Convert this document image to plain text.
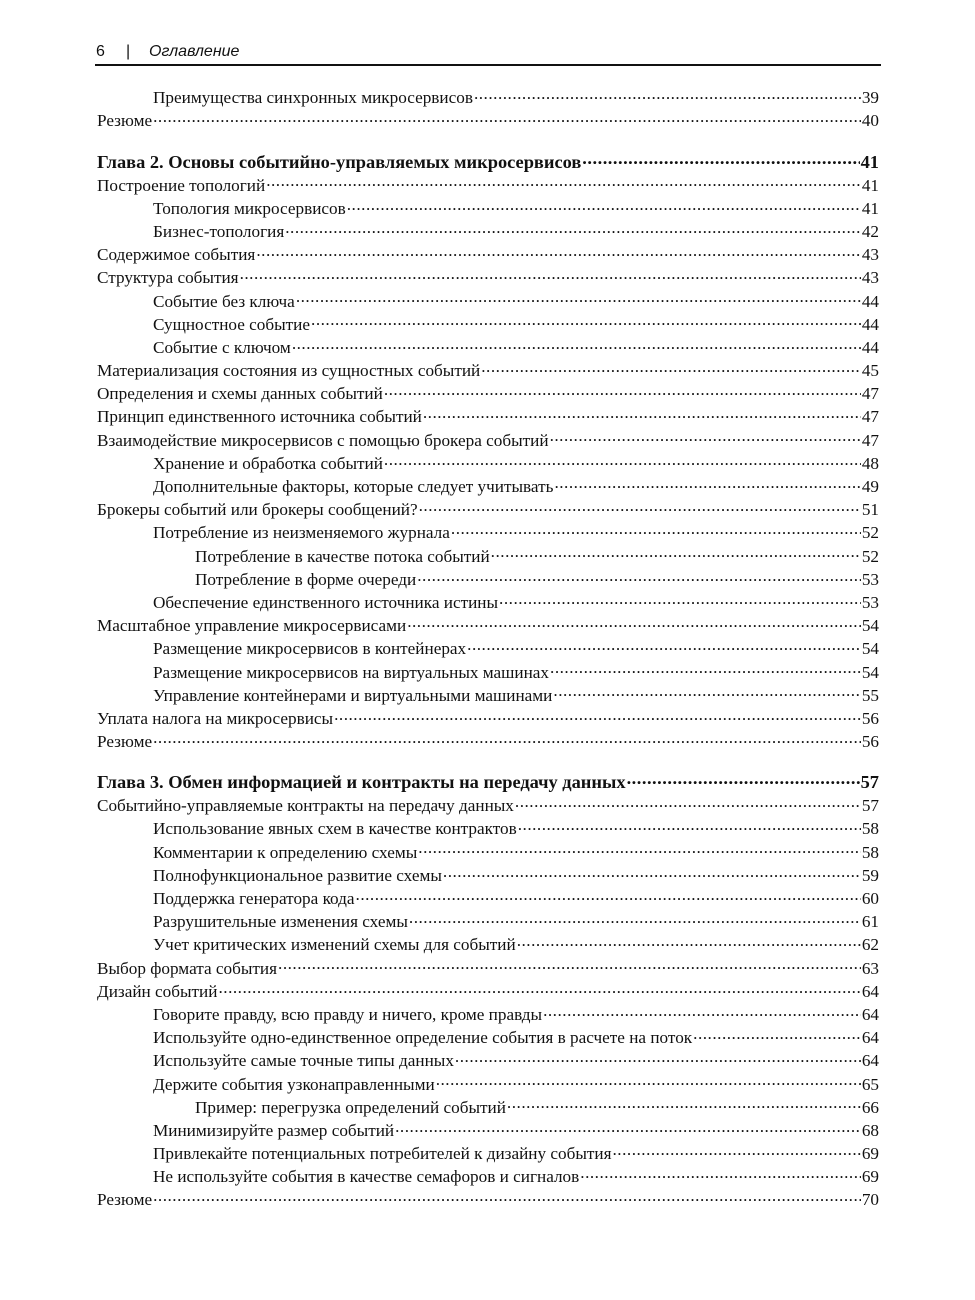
6 | Оглавление
Преимущества синхронных микросервисов .....	39
Резюме .....	40
Глава 2. Основы событийно-управляемых микросервисов .....	41
Построение топологий .....	41
Топология микросервисов .....	41
Бизнес-топология .....	42
Содержимое события .....	43
Структура события .....	43
Событие без ключа .....	44
Сущностное событие .....	44
Событие с ключом .....	44
Материализация состояния из сущностных событий .....	45
Определения и схемы данных событий .....	47
Принцип единственного источника событий .....	47
Взаимодействие микросервисов с помощью брокера событий .....	47
Хранение и обработка событий .....	48
Дополнительные факторы, которые следует учитывать .....	49
Брокеры событий или брокеры сообщений? .....	51
Потребление из неизменяемого журнала .....	52
Потребление в качестве потока событий .....	52
Потребление в форме очереди .....	53
Обеспечение единственного источника истины .....	53
Масштабное управление микросервисами .....	54
Размещение микросервисов в контейнерах .....	54
Размещение микросервисов на виртуальных машинах .....	54
Управление контейнерами и виртуальными машинами .....	55
Уплата налога на микросервисы .....	56
Резюме .....	56
Глава 3. Обмен информацией и контракты на передачу данных .....	57
Событийно-управляемые контракты на передачу данных .....	57
Использование явных схем в качестве контрактов .....	58
Комментарии к определению схемы .....	58
Полнофункциональное развитие схемы .....	59
Поддержка генератора кода .....	60
Разрушительные изменения схемы .....	61
Учет критических изменений схемы для событий .....	62
Выбор формата события .....	63
Дизайн событий .....	64
Говорите правду, всю правду и ничего, кроме правды .....	64
Используйте одно-единственное определение события в расчете на поток .....	64
Используйте самые точные типы данных .....	64
Держите события узконаправленными .....	65
Пример: перегрузка определений событий .....	66
Минимизируйте размер событий .....	68
Привлекайте потенциальных потребителей к дизайну события .....	69
Не используйте события в качестве семафоров и сигналов .....	69
Резюме .....	70
